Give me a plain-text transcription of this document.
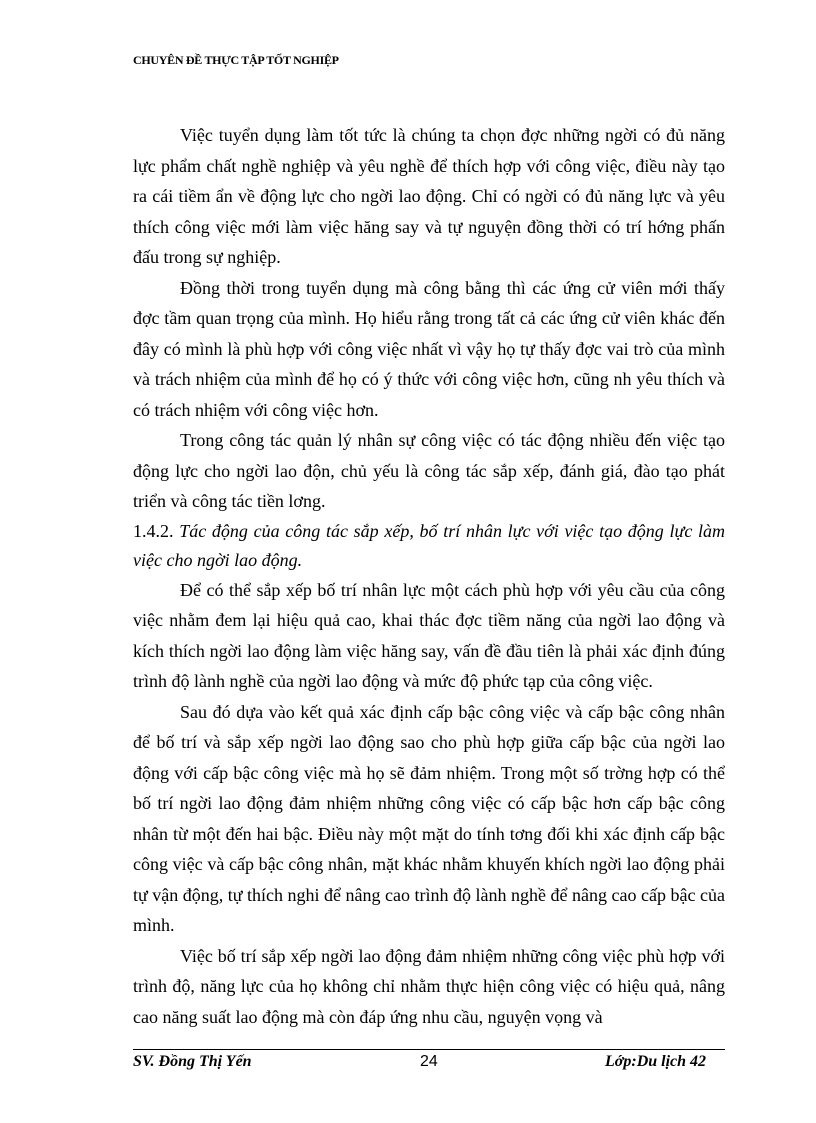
CHUYÊN ĐỀ THỰC TẬP TỐT NGHIỆP

Việc tuyển dụng làm tốt tức là chúng ta chọn đợc những ngời có đủ năng lực phẩm chất nghề nghiệp và yêu nghề để thích hợp với công việc, điều này tạo ra cái tiềm ẩn về động lực cho ngời lao động. Chỉ có ngời có đủ năng lực và yêu thích công việc mới làm việc hăng say và tự nguyện đồng thời có trí hớng phấn đấu trong sự nghiệp.

Đồng thời trong tuyển dụng mà công bằng thì các ứng cử viên mới thấy đợc tầm quan trọng của mình. Họ hiểu rằng trong tất cả các ứng cử viên khác đến đây có mình là phù hợp với công việc nhất vì vậy họ tự thấy đợc vai trò của mình và trách nhiệm của mình để họ có ý thức với công việc hơn, cũng nh yêu thích và có trách nhiệm với công việc hơn.

Trong công tác quản lý nhân sự công việc có tác động nhiều đến việc tạo động lực cho ngời lao độn, chủ yếu là công tác sắp xếp, đánh giá, đào tạo phát triển và công tác tiền lơng.

1.4.2. Tác động của công tác sắp xếp, bố trí nhân lực với việc tạo động lực làm việc cho ngời lao động.

Để có thể sắp xếp bố trí nhân lực một cách phù hợp với yêu cầu của công việc nhằm đem lại hiệu quả cao, khai thác đợc tiềm năng của ngời lao động và kích thích ngời lao động làm việc hăng say, vấn đề đầu tiên là phải xác định đúng trình độ lành nghề của ngời lao động và mức độ phức tạp của công việc.

Sau đó dựa vào kết quả xác định cấp bậc công việc và cấp bậc công nhân để bố trí và sắp xếp ngời lao động sao cho phù hợp giữa cấp bậc của ngời lao động với cấp bậc công việc mà họ sẽ đảm nhiệm. Trong một số trờng hợp có thể bố trí ngời lao động đảm nhiệm những công việc có cấp bậc hơn cấp bậc công nhân từ một đến hai bậc. Điều này một mặt do tính tơng đối khi xác định cấp bậc công việc và cấp bậc công nhân, mặt khác nhằm khuyến khích ngời lao động phải tự vận động, tự thích nghi để nâng cao trình độ lành nghề để nâng cao cấp bậc của mình.

Việc bố trí sắp xếp ngời lao động đảm nhiệm những công việc phù hợp với trình độ, năng lực của họ không chỉ nhằm thực hiện công việc có hiệu quả, nâng cao năng suất lao động mà còn đáp ứng nhu cầu, nguyện vọng và

SV. Đồng Thị Yến	24	Lớp:Du lịch 42
